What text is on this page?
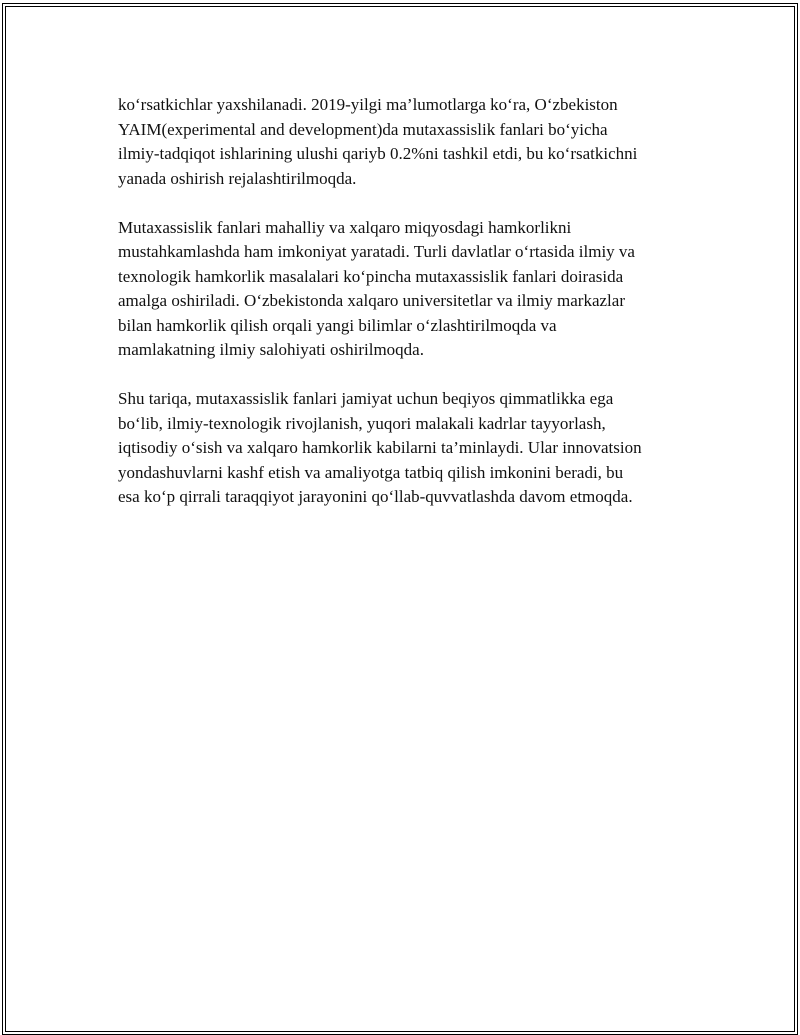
ko‘rsatkichlar yaxshilanadi. 2019-yilgi ma’lumotlarga ko‘ra, O‘zbekiston
YAIM(experimental and development)da mutaxassislik fanlari bo‘yicha
ilmiy-tadqiqot ishlarining ulushi qariyb 0.2%ni tashkil etdi, bu ko‘rsatkichni
yanada oshirish rejalashtirilmoqda.

Mutaxassislik fanlari mahalliy va xalqaro miqyosdagi hamkorlikni
mustahkamlashda ham imkoniyat yaratadi. Turli davlatlar o‘rtasida ilmiy va
texnologik hamkorlik masalalari ko‘pincha mutaxassislik fanlari doirasida
amalga oshiriladi. O‘zbekistonda xalqaro universitetlar va ilmiy markazlar
bilan hamkorlik qilish orqali yangi bilimlar o‘zlashtirilmoqda va
mamlakatning ilmiy salohiyati oshirilmoqda.

Shu tariqa, mutaxassislik fanlari jamiyat uchun beqiyos qimmatlikka ega
bo‘lib, ilmiy-texnologik rivojlanish, yuqori malakali kadrlar tayyorlash,
iqtisodiy o‘sish va xalqaro hamkorlik kabilarni ta’minlaydi. Ular innovatsion
yondashuvlarni kashf etish va amaliyotga tatbiq qilish imkonini beradi, bu
esa ko‘p qirrali taraqqiyot jarayonini qo‘llab-quvvatlashda davom etmoqda.
